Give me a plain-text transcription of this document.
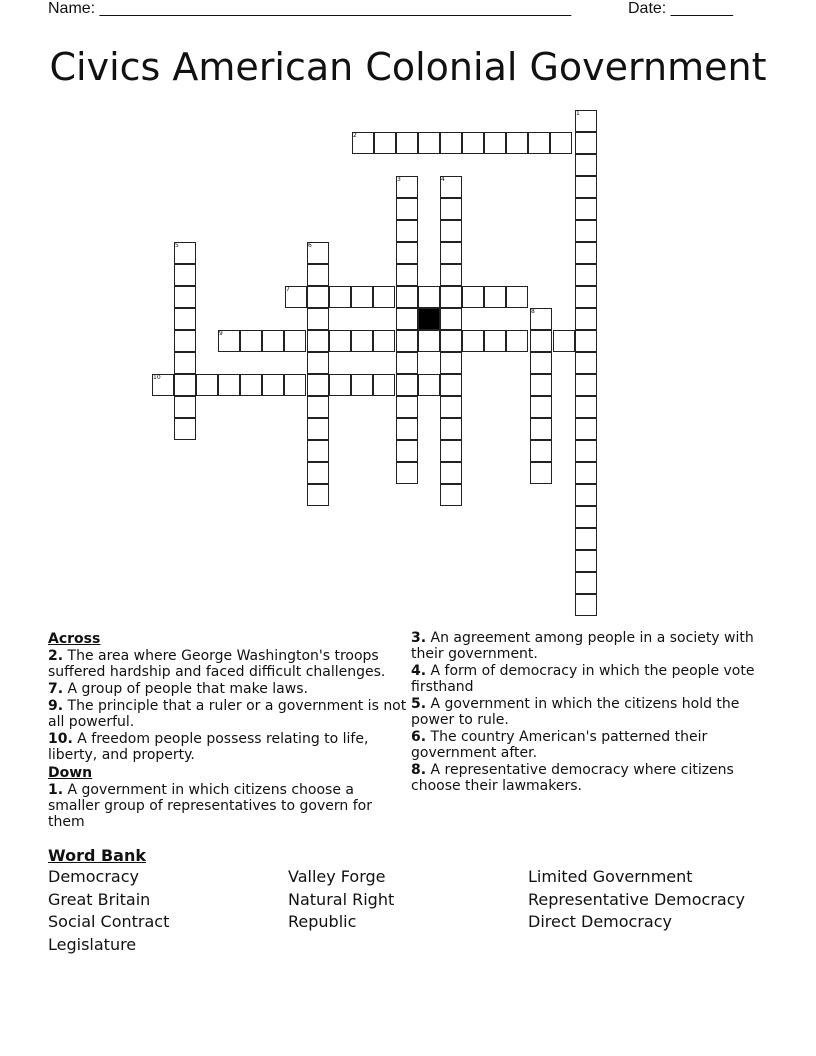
Name: _____________________________________________________	Date: _______
Civics American Colonial Government
1
2
3	4
5	6
7
8
9
10
Across
2. The area where George Washington's troops suffered hardship and faced difficult challenges.
7. A group of people that make laws.
9. The principle that a ruler or a government is not all powerful.
10. A freedom people possess relating to life, liberty, and property.
Down
1. A government in which citizens choose a smaller group of representatives to govern for them
3. An agreement among people in a society with their government.
4. A form of democracy in which the people vote firsthand
5. A government in which the citizens hold the power to rule.
6. The country American's patterned their government after.
8. A representative democracy where citizens choose their lawmakers.
Word Bank
Democracy
Great Britain
Social Contract
Legislature
Valley Forge
Natural Right
Republic
Limited Government
Representative Democracy
Direct Democracy
